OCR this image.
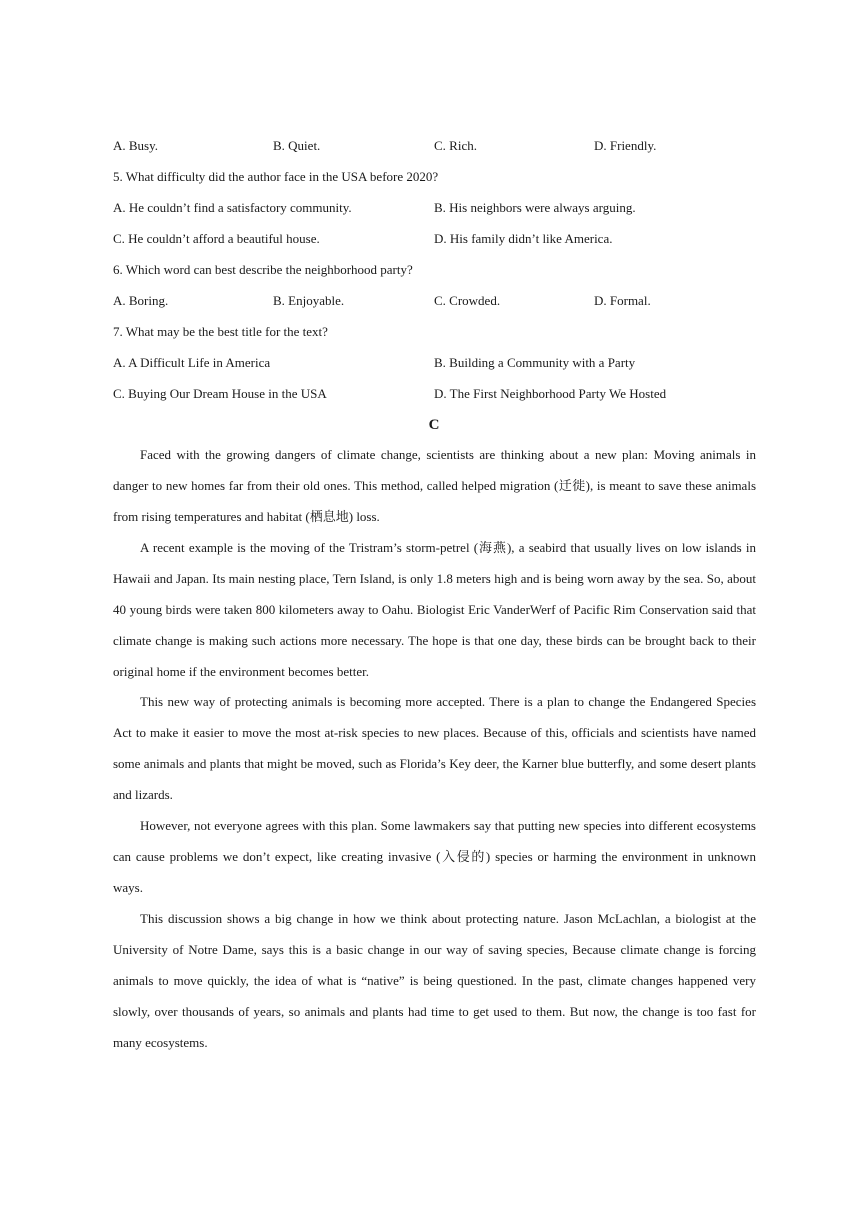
A. Busy.	B. Quiet.	C. Rich.	D. Friendly.
5. What difficulty did the author face in the USA before 2020?
A. He couldn’t find a satisfactory community.	B. His neighbors were always arguing.
C. He couldn’t afford a beautiful house.	D. His family didn’t like America.
6. Which word can best describe the neighborhood party?
A. Boring.	B. Enjoyable.	C. Crowded.	D. Formal.
7. What may be the best title for the text?
A. A Difficult Life in America	B. Building a Community with a Party
C. Buying Our Dream House in the USA	D. The First Neighborhood Party We Hosted
C

Faced with the growing dangers of climate change, scientists are thinking about a new plan: Moving animals in danger to new homes far from their old ones. This method, called helped migration (迁徙), is meant to save these animals from rising temperatures and habitat (栖息地) loss.

A recent example is the moving of the Tristram’s storm-petrel (海燕), a seabird that usually lives on low islands in Hawaii and Japan. Its main nesting place, Tern Island, is only 1.8 meters high and is being worn away by the sea. So, about 40 young birds were taken 800 kilometers away to Oahu. Biologist Eric VanderWerf of Pacific Rim Conservation said that climate change is making such actions more necessary. The hope is that one day, these birds can be brought back to their original home if the environment becomes better.

This new way of protecting animals is becoming more accepted. There is a plan to change the Endangered Species Act to make it easier to move the most at-risk species to new places. Because of this, officials and scientists have named some animals and plants that might be moved, such as Florida’s Key deer, the Karner blue butterfly, and some desert plants and lizards.

However, not everyone agrees with this plan. Some lawmakers say that putting new species into different ecosystems can cause problems we don’t expect, like creating invasive (入侵的) species or harming the environment in unknown ways.

This discussion shows a big change in how we think about protecting nature. Jason McLachlan, a biologist at the University of Notre Dame, says this is a basic change in our way of saving species, Because climate change is forcing animals to move quickly, the idea of what is “native” is being questioned. In the past, climate changes happened very slowly, over thousands of years, so animals and plants had time to get used to them. But now, the change is too fast for many ecosystems.
